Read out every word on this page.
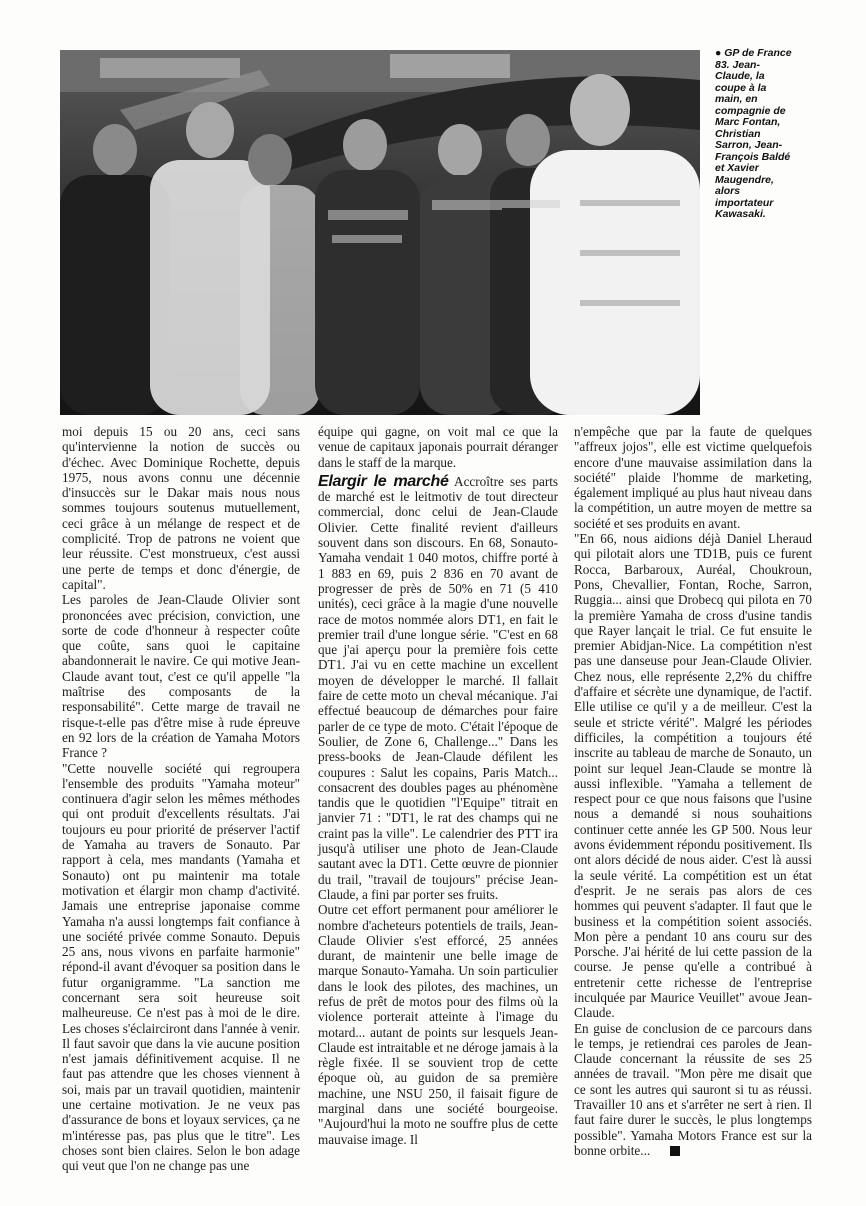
● GP de France
83. Jean-
Claude, la
coupe à la
main, en
compagnie de
Marc Fontan,
Christian
Sarron, Jean-
François Baldé
et Xavier
Maugendre,
alors
importateur
Kawasaki.

moi depuis 15 ou 20 ans, ceci sans qu'intervienne la notion de succès ou d'échec. Avec Dominique Rochette, depuis 1975, nous avons connu une décennie d'insuccès sur le Dakar mais nous nous sommes toujours soutenus mutuellement, ceci grâce à un mélange de respect et de complicité. Trop de patrons ne voient que leur réussite. C'est monstrueux, c'est aussi une perte de temps et donc d'énergie, de capital".

Les paroles de Jean-Claude Olivier sont prononcées avec précision, conviction, une sorte de code d'honneur à respecter coûte que coûte, sans quoi le capitaine abandonnerait le navire. Ce qui motive Jean-Claude avant tout, c'est ce qu'il appelle "la maîtrise des composants de la responsabilité". Cette marge de travail ne risque-t-elle pas d'être mise à rude épreuve en 92 lors de la création de Yamaha Motors France ?

"Cette nouvelle société qui regroupera l'ensemble des produits "Yamaha moteur" continuera d'agir selon les mêmes méthodes qui ont produit d'excellents résultats. J'ai toujours eu pour priorité de préserver l'actif de Yamaha au travers de Sonauto. Par rapport à cela, mes mandants (Yamaha et Sonauto) ont pu maintenir ma totale motivation et élargir mon champ d'activité. Jamais une entreprise japonaise comme Yamaha n'a aussi longtemps fait confiance à une société privée comme Sonauto. Depuis 25 ans, nous vivons en parfaite harmonie" répond-il avant d'évoquer sa position dans le futur organigramme. "La sanction me concernant sera soit heureuse soit malheureuse. Ce n'est pas à moi de le dire. Les choses s'éclairciront dans l'année à venir. Il faut savoir que dans la vie aucune position n'est jamais définitivement acquise. Il ne faut pas attendre que les choses viennent à soi, mais par un travail quotidien, maintenir une certaine motivation. Je ne veux pas d'assurance de bons et loyaux services, ça ne m'intéresse pas, pas plus que le titre". Les choses sont bien claires. Selon le bon adage qui veut que l'on ne change pas une

équipe qui gagne, on voit mal ce que la venue de capitaux japonais pourrait déranger dans le staff de la marque.

Elargir le marché Accroître ses parts de marché est le leitmotiv de tout directeur commercial, donc celui de Jean-Claude Olivier. Cette finalité revient d'ailleurs souvent dans son discours. En 68, Sonauto-Yamaha vendait 1 040 motos, chiffre porté à 1 883 en 69, puis 2 836 en 70 avant de progresser de près de 50% en 71 (5 410 unités), ceci grâce à la magie d'une nouvelle race de motos nommée alors DT1, en fait le premier trail d'une longue série. "C'est en 68 que j'ai aperçu pour la première fois cette DT1. J'ai vu en cette machine un excellent moyen de développer le marché. Il fallait faire de cette moto un cheval mécanique. J'ai effectué beaucoup de démarches pour faire parler de ce type de moto. C'était l'époque de Soulier, de Zone 6, Challenge..." Dans les press-books de Jean-Claude défilent les coupures : Salut les copains, Paris Match... consacrent des doubles pages au phénomène tandis que le quotidien "l'Equipe" titrait en janvier 71 : "DT1, le rat des champs qui ne craint pas la ville". Le calendrier des PTT ira jusqu'à utiliser une photo de Jean-Claude sautant avec la DT1. Cette œuvre de pionnier du trail, "travail de toujours" précise Jean-Claude, a fini par porter ses fruits.

Outre cet effort permanent pour améliorer le nombre d'acheteurs potentiels de trails, Jean-Claude Olivier s'est efforcé, 25 années durant, de maintenir une belle image de marque Sonauto-Yamaha. Un soin particulier dans le look des pilotes, des machines, un refus de prêt de motos pour des films où la violence porterait atteinte à l'image du motard... autant de points sur lesquels Jean-Claude est intraitable et ne déroge jamais à la règle fixée. Il se souvient trop de cette époque où, au guidon de sa première machine, une NSU 250, il faisait figure de marginal dans une société bourgeoise. "Aujourd'hui la moto ne souffre plus de cette mauvaise image. Il

n'empêche que par la faute de quelques "affreux jojos", elle est victime quelquefois encore d'une mauvaise assimilation dans la société" plaide l'homme de marketing, également impliqué au plus haut niveau dans la compétition, un autre moyen de mettre sa société et ses produits en avant.

"En 66, nous aidions déjà Daniel Lheraud qui pilotait alors une TD1B, puis ce furent Rocca, Barbaroux, Auréal, Choukroun, Pons, Chevallier, Fontan, Roche, Sarron, Ruggia... ainsi que Drobecq qui pilota en 70 la première Yamaha de cross d'usine tandis que Rayer lançait le trial. Ce fut ensuite le premier Abidjan-Nice. La compétition n'est pas une danseuse pour Jean-Claude Olivier. Chez nous, elle représente 2,2% du chiffre d'affaire et sécrète une dynamique, de l'actif. Elle utilise ce qu'il y a de meilleur. C'est la seule et stricte vérité". Malgré les périodes difficiles, la compétition a toujours été inscrite au tableau de marche de Sonauto, un point sur lequel Jean-Claude se montre là aussi inflexible. "Yamaha a tellement de respect pour ce que nous faisons que l'usine nous a demandé si nous souhaitions continuer cette année les GP 500. Nous leur avons évidemment répondu positivement. Ils ont alors décidé de nous aider. C'est là aussi la seule vérité. La compétition est un état d'esprit. Je ne serais pas alors de ces hommes qui peuvent s'adapter. Il faut que le business et la compétition soient associés. Mon père a pendant 10 ans couru sur des Porsche. J'ai hérité de lui cette passion de la course. Je pense qu'elle a contribué à entretenir cette richesse de l'entreprise inculquée par Maurice Veuillet" avoue Jean-Claude.

En guise de conclusion de ce parcours dans le temps, je retiendrai ces paroles de Jean-Claude concernant la réussite de ses 25 années de travail. "Mon père me disait que ce sont les autres qui sauront si tu as réussi. Travailler 10 ans et s'arrêter ne sert à rien. Il faut faire durer le succès, le plus longtemps possible". Yamaha Motors France est sur la bonne orbite...
